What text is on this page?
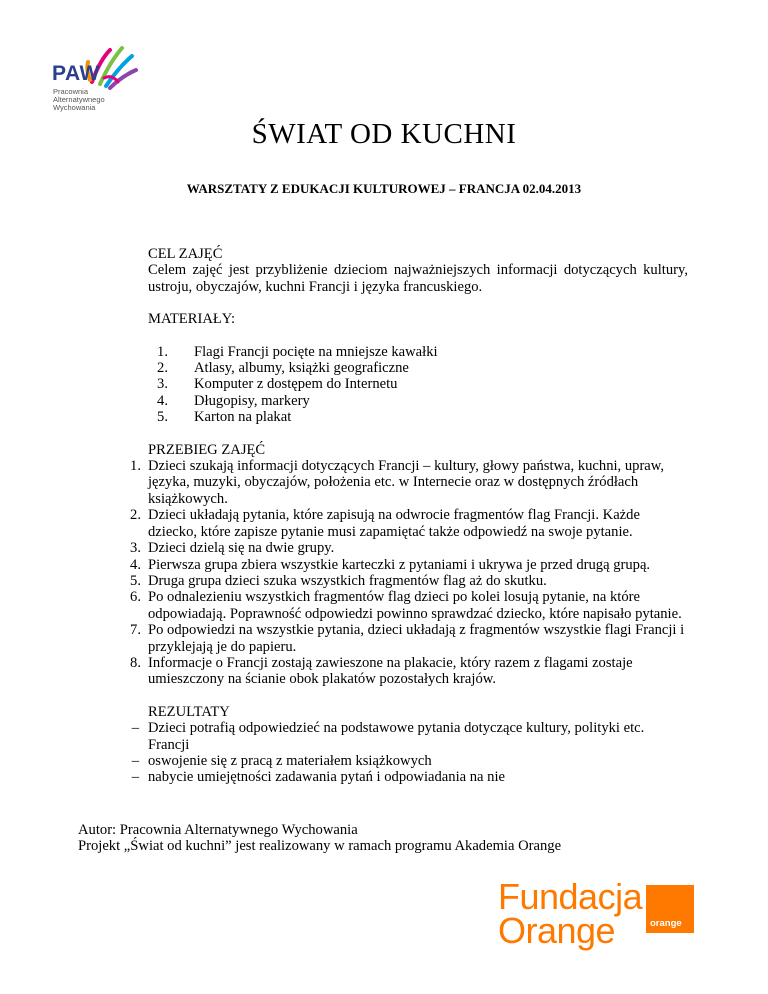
PAW
Pracownia
Alternatywnego
Wychowania
ŚWIAT OD KUCHNI
WARSZTATY Z EDUKACJI KULTUROWEJ – FRANCJA 02.04.2013

CEL ZAJĘĆ

Celem zajęć jest przybliżenie dzieciom najważniejszych informacji dotyczących kultury, ustroju, obyczajów, kuchni Francji i języka francuskiego.

MATERIAŁY:

1. Flagi Francji pocięte na mniejsze kawałki
2. Atlasy, albumy, książki geograficzne
3. Komputer z dostępem do Internetu
4. Długopisy, markery
5. Karton na plakat

PRZEBIEG ZAJĘĆ

1. Dzieci szukają informacji dotyczących Francji – kultury, głowy państwa, kuchni, upraw, języka, muzyki, obyczajów, położenia etc. w Internecie oraz w dostępnych źródłach książkowych.
2. Dzieci układają pytania, które zapisują na odwrocie fragmentów flag Francji. Każde dziecko, które zapisze pytanie musi zapamiętać także odpowiedź na swoje pytanie.
3. Dzieci dzielą się na dwie grupy.
4. Pierwsza grupa zbiera wszystkie karteczki z pytaniami i ukrywa je przed drugą grupą.
5. Druga grupa dzieci szuka wszystkich fragmentów flag aż do skutku.
6. Po odnalezieniu wszystkich fragmentów flag dzieci po kolei losują pytanie, na które odpowiadają. Poprawność odpowiedzi powinno sprawdzać dziecko, które napisało pytanie.
7. Po odpowiedzi na wszystkie pytania, dzieci układają z fragmentów wszystkie flagi Francji i przyklejają je do papieru.
8. Informacje o Francji zostają zawieszone na plakacie, który razem z flagami zostaje umieszczony na ścianie obok plakatów pozostałych krajów.

REZULTATY

– Dzieci potrafią odpowiedzieć na podstawowe pytania dotyczące kultury, polityki etc. Francji
– oswojenie się z pracą z materiałem książkowych
– nabycie umiejętności zadawania pytań i odpowiadania na nie

Autor: Pracownia Alternatywnego Wychowania

Projekt „Świat od kuchni” jest realizowany w ramach programu Akademia Orange

Fundacja
Orange	orange
